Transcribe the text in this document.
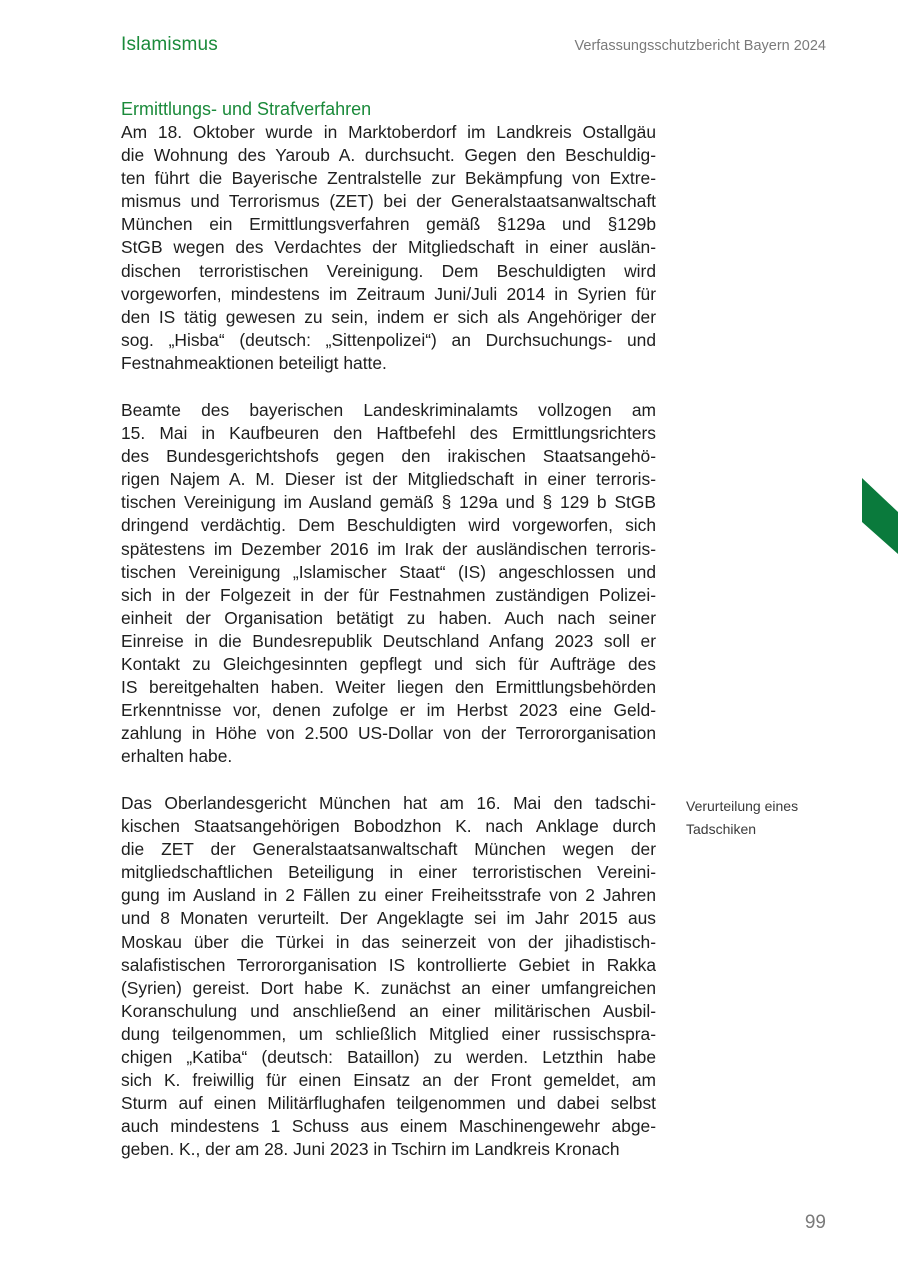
Islamismus	Verfassungsschutzbericht Bayern 2024
Ermittlungs- und Strafverfahren
Am 18. Oktober wurde in Marktoberdorf im Landkreis Ostallgäu
die Wohnung des Yaroub A. durchsucht. Gegen den Beschuldig-
ten führt die Bayerische Zentralstelle zur Bekämpfung von Extre-
mismus und Terrorismus (ZET) bei der Generalstaatsanwaltschaft
München ein Ermittlungsverfahren gemäß §129a und §129b
StGB wegen des Verdachtes der Mitgliedschaft in einer auslän-
dischen terroristischen Vereinigung. Dem Beschuldigten wird
vorgeworfen, mindestens im Zeitraum Juni/Juli 2014 in Syrien für
den IS tätig gewesen zu sein, indem er sich als Angehöriger der
sog. „Hisba“ (deutsch: „Sittenpolizei“) an Durchsuchungs- und
Festnahmeaktionen beteiligt hatte.
Beamte des bayerischen Landeskriminalamts vollzogen am
15. Mai in Kaufbeuren den Haftbefehl des Ermittlungsrichters
des Bundesgerichtshofs gegen den irakischen Staatsangehö-
rigen Najem A. M. Dieser ist der Mitgliedschaft in einer terroris-
tischen Vereinigung im Ausland gemäß § 129a und § 129 b StGB
dringend verdächtig. Dem Beschuldigten wird vorgeworfen, sich
spätestens im Dezember 2016 im Irak der ausländischen terroris-
tischen Vereinigung „Islamischer Staat“ (IS) angeschlossen und
sich in der Folgezeit in der für Festnahmen zuständigen Polizei-
einheit der Organisation betätigt zu haben. Auch nach seiner
Einreise in die Bundesrepublik Deutschland Anfang 2023 soll er
Kontakt zu Gleichgesinnten gepflegt und sich für Aufträge des
IS bereitgehalten haben. Weiter liegen den Ermittlungsbehörden
Erkenntnisse vor, denen zufolge er im Herbst 2023 eine Geld-
zahlung in Höhe von 2.500 US-Dollar von der Terrororganisation
erhalten habe.
Das Oberlandesgericht München hat am 16. Mai den tadschi-
kischen Staatsangehörigen Bobodzhon K. nach Anklage durch
die ZET der Generalstaatsanwaltschaft München wegen der
mitgliedschaftlichen Beteiligung in einer terroristischen Vereini-
gung im Ausland in 2 Fällen zu einer Freiheitsstrafe von 2 Jahren
und 8 Monaten verurteilt. Der Angeklagte sei im Jahr 2015 aus
Moskau über die Türkei in das seinerzeit von der jihadistisch-
salafistischen Terrororganisation IS kontrollierte Gebiet in Rakka
(Syrien) gereist. Dort habe K. zunächst an einer umfangreichen
Koranschulung und anschließend an einer militärischen Ausbil-
dung teilgenommen, um schließlich Mitglied einer russischspra-
chigen „Katiba“ (deutsch: Bataillon) zu werden. Letzthin habe
sich K. freiwillig für einen Einsatz an der Front gemeldet, am
Sturm auf einen Militärflughafen teilgenommen und dabei selbst
auch mindestens 1 Schuss aus einem Maschinengewehr abge-
geben. K., der am 28. Juni 2023 in Tschirn im Landkreis Kronach
Verurteilung eines
Tadschiken
99
